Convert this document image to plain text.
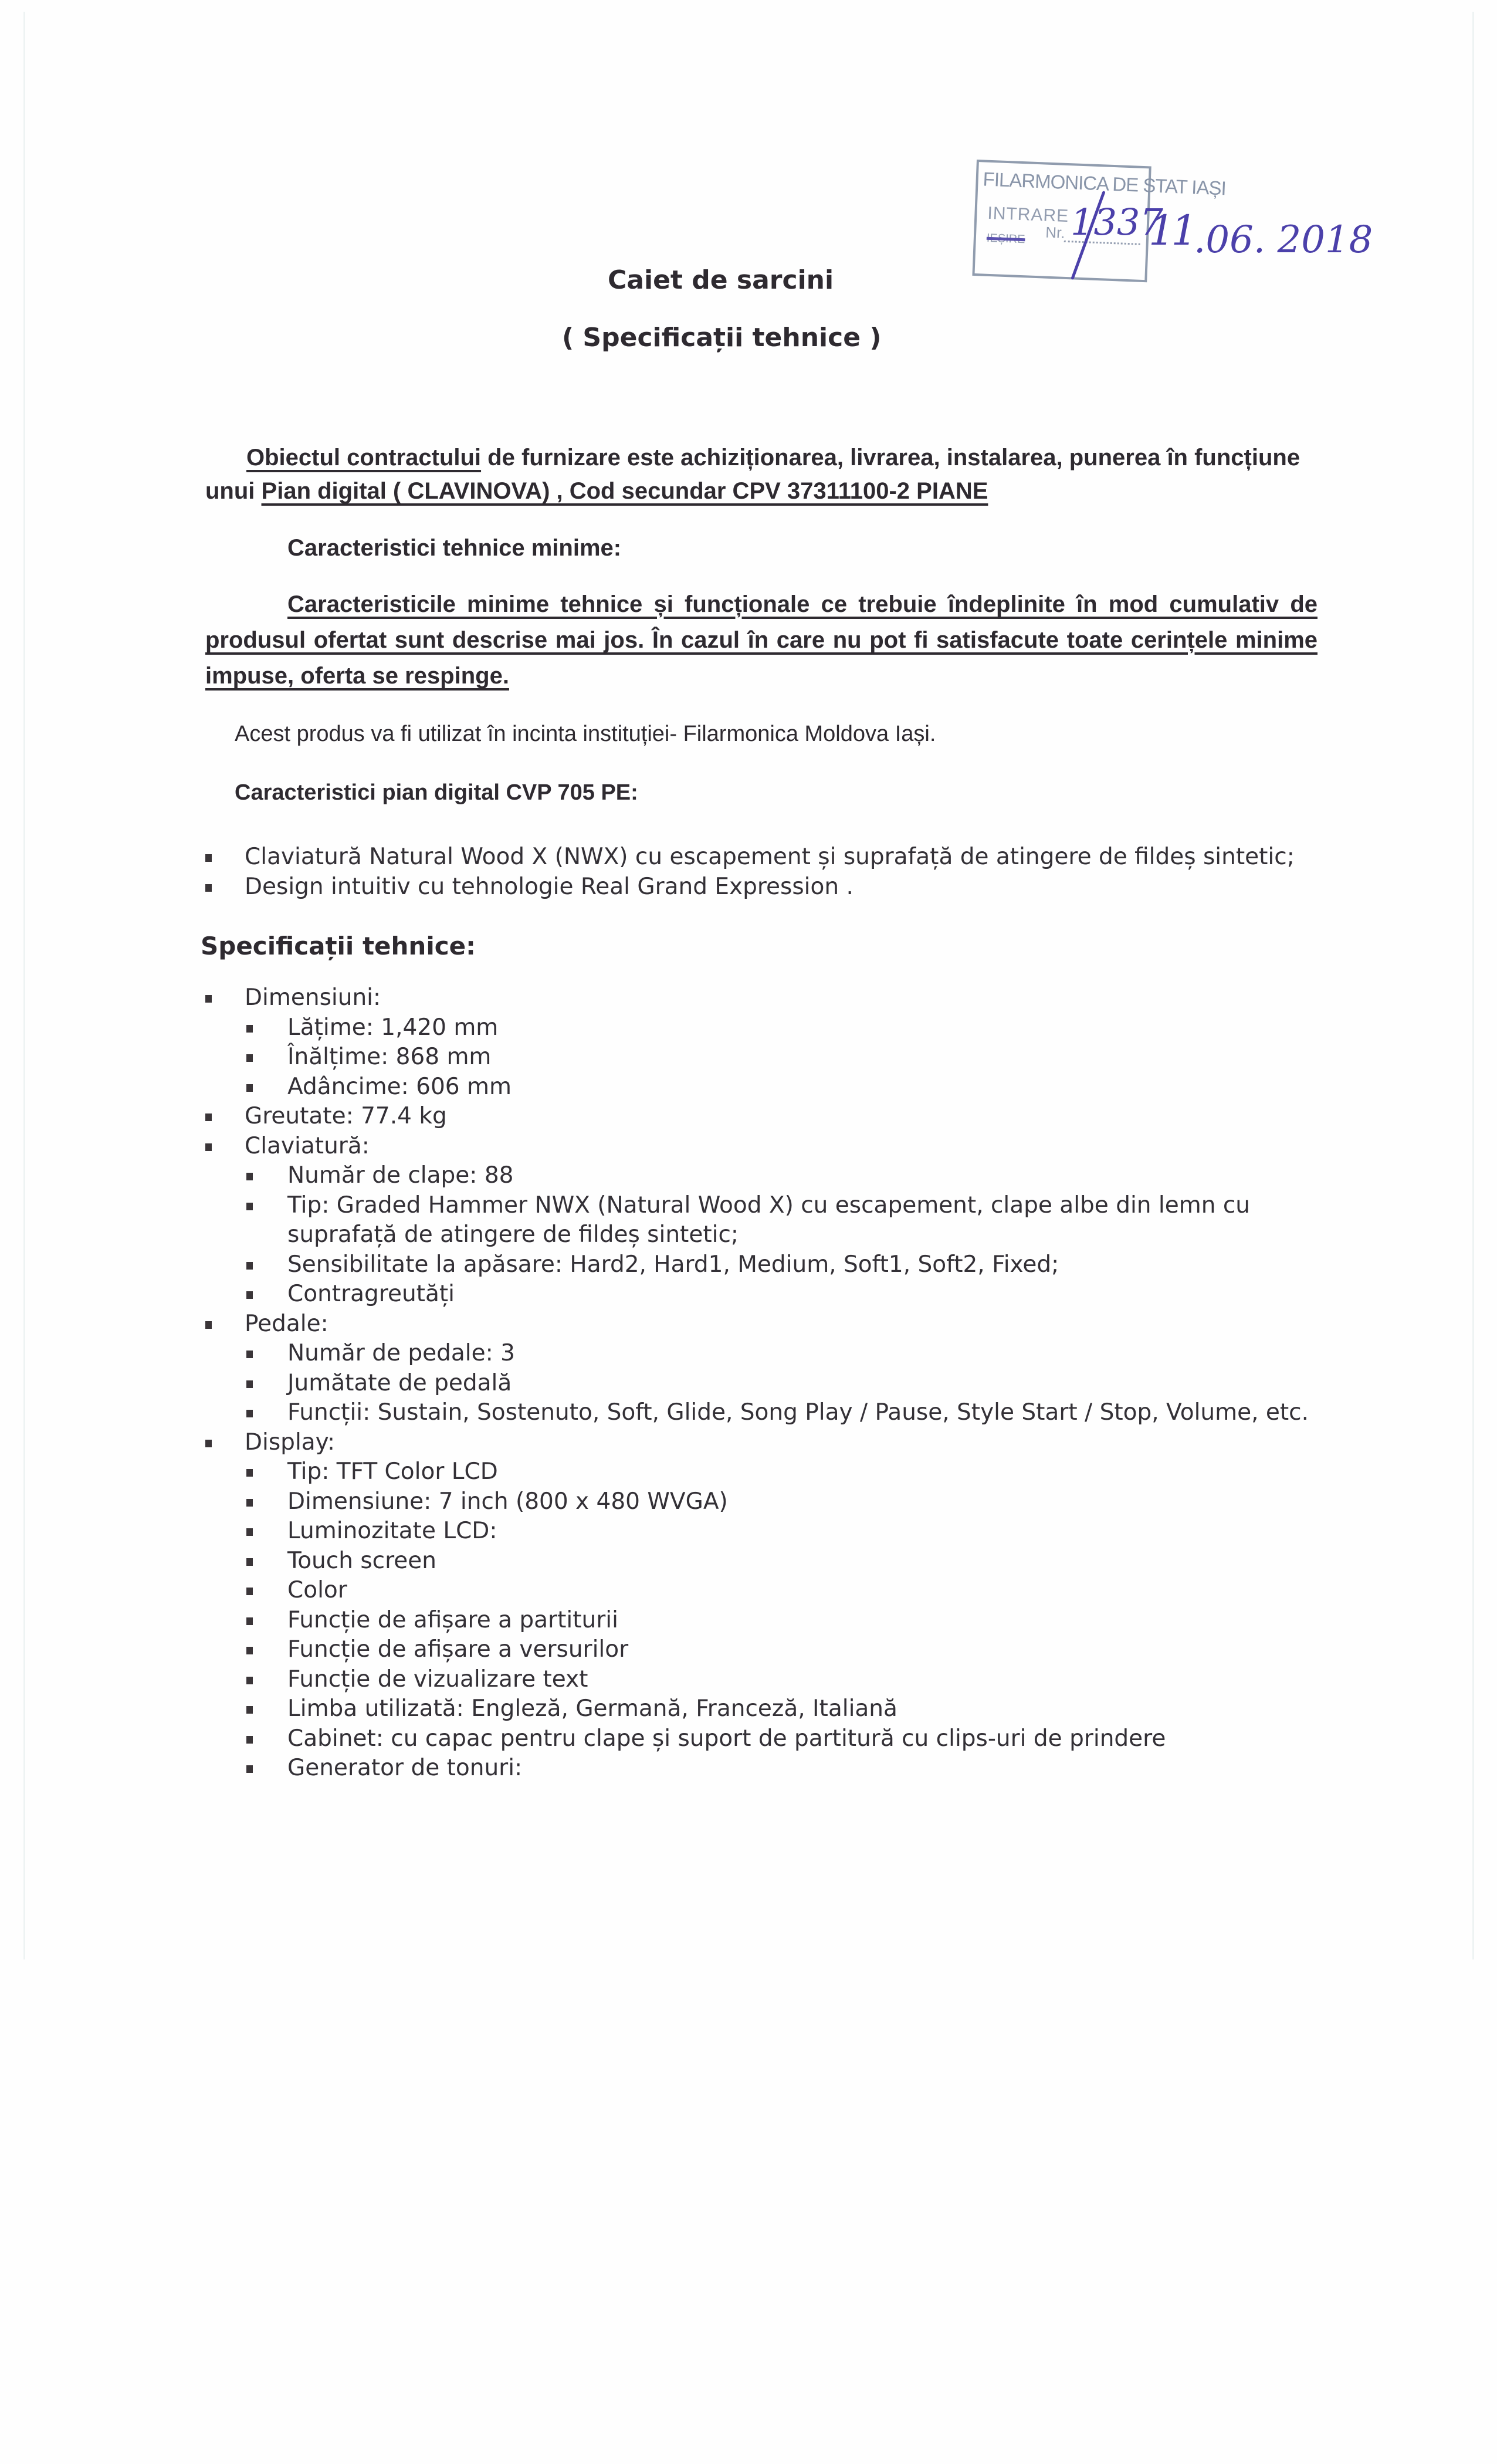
FILARMONICA DE STAT IAȘI
INTRARE
IEȘIRE Nr. 1337
11 .06. 2018
Caiet de sarcini
( Specificații tehnice )
Obiectul contractului de furnizare este achiziționarea, livrarea, instalarea, punerea în funcțiune
unui Pian digital ( CLAVINOVA) , Cod secundar CPV 37311100-2 PIANE
Caracteristici tehnice minime:
Caracteristicile minime tehnice și funcționale ce trebuie îndeplinite în mod cumulativ de
produsul ofertat sunt descrise mai jos. În cazul în care nu pot fi satisfacute toate cerințele minime
impuse, oferta se respinge.
Acest produs va fi utilizat în incinta instituției- Filarmonica Moldova Iași.
Caracteristici pian digital CVP 705 PE:
Claviatură Natural Wood X (NWX) cu escapement și suprafață de atingere de fildeș sintetic;
Design intuitiv cu tehnologie Real Grand Expression .
Specificații tehnice:
Dimensiuni:
Lățime: 1,420 mm
Înălțime: 868 mm
Adâncime: 606 mm
Greutate: 77.4 kg
Claviatură:
Număr de clape: 88
Tip: Graded Hammer NWX (Natural Wood X) cu escapement, clape albe din lemn cu
suprafață de atingere de fildeș sintetic;
Sensibilitate la apăsare: Hard2, Hard1, Medium, Soft1, Soft2, Fixed;
Contragreutăți
Pedale:
Număr de pedale: 3
Jumătate de pedală
Funcții: Sustain, Sostenuto, Soft, Glide, Song Play / Pause, Style Start / Stop, Volume, etc.
Display:
Tip: TFT Color LCD
Dimensiune: 7 inch (800 x 480 WVGA)
Luminozitate LCD:
Touch screen
Color
Funcție de afișare a partiturii
Funcție de afișare a versurilor
Funcție de vizualizare text
Limba utilizată: Engleză, Germană, Franceză, Italiană
Cabinet: cu capac pentru clape și suport de partitură cu clips-uri de prindere
Generator de tonuri:
